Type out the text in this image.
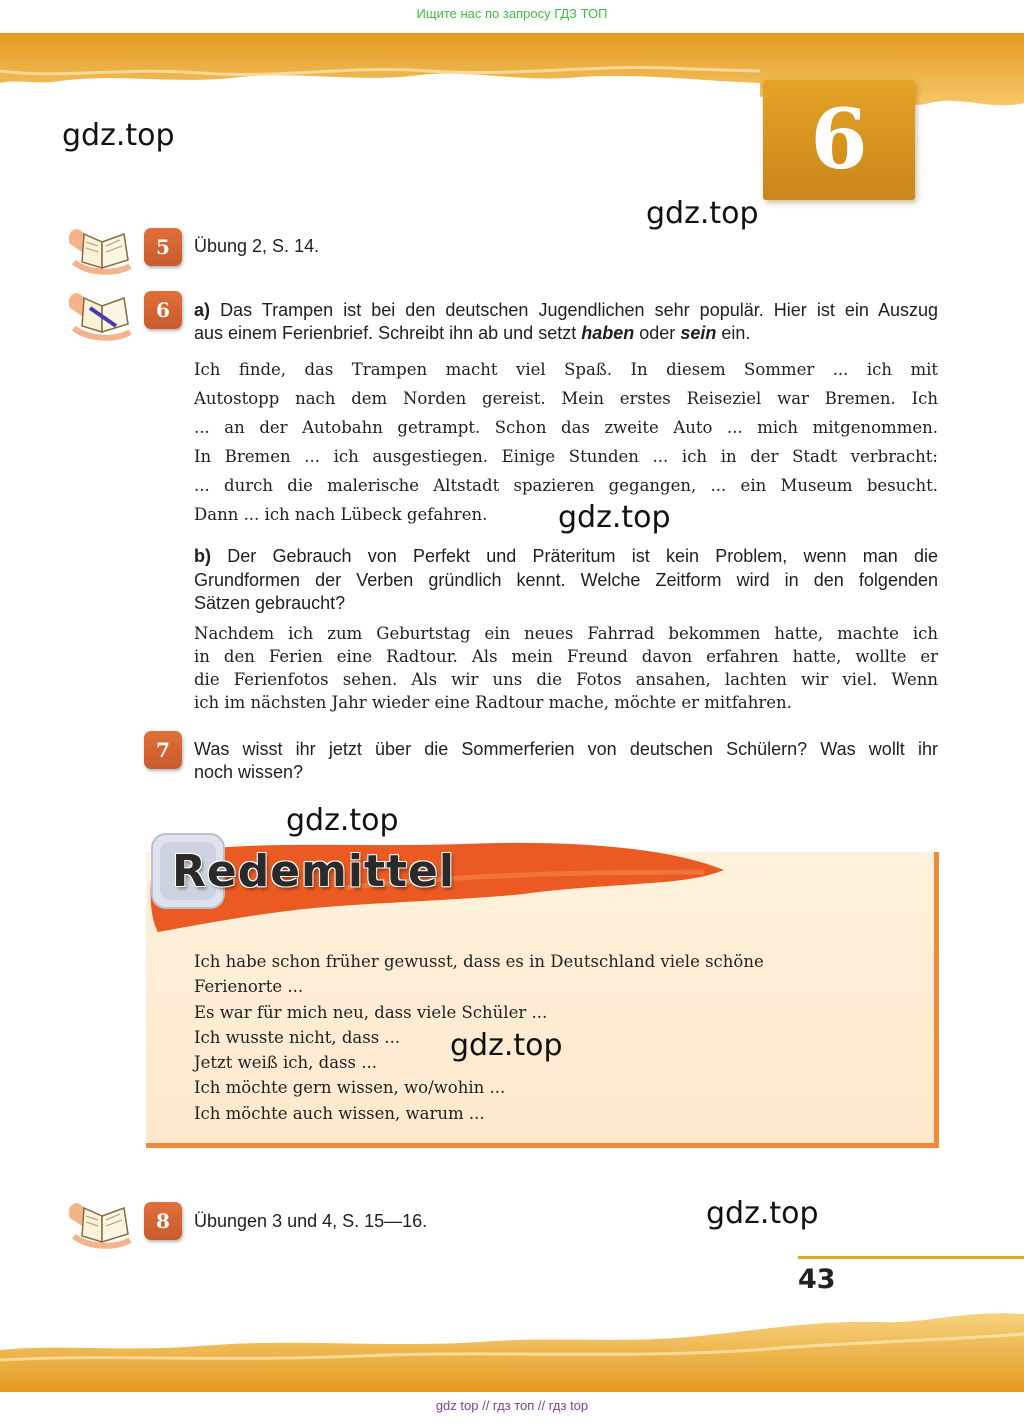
Ищите нас по запросу ГДЗ ТОП
6
gdz.top
gdz.top
5	Übung 2, S. 14.
6	a) Das Trampen ist bei den deutschen Jugendlichen sehr populär. Hier ist ein Auszug
aus einem Ferienbrief. Schreibt ihn ab und setzt haben oder sein ein.
Ich finde, das Trampen macht viel Spaß. In diesem Sommer ... ich mit
Autostopp nach dem Norden gereist. Mein erstes Reiseziel war Bremen. Ich
... an der Autobahn getrampt. Schon das zweite Auto ... mich mitgenommen.
In Bremen ... ich ausgestiegen. Einige Stunden ... ich in der Stadt verbracht:
... durch die malerische Altstadt spazieren gegangen, ... ein Museum besucht.
Dann ... ich nach Lübeck gefahren.	gdz.top
b) Der Gebrauch von Perfekt und Präteritum ist kein Problem, wenn man die
Grundformen der Verben gründlich kennt. Welche Zeitform wird in den folgenden
Sätzen gebraucht?
Nachdem ich zum Geburtstag ein neues Fahrrad bekommen hatte, machte ich
in den Ferien eine Radtour. Als mein Freund davon erfahren hatte, wollte er
die Ferienfotos sehen. Als wir uns die Fotos ansahen, lachten wir viel. Wenn
ich im nächsten Jahr wieder eine Radtour mache, möchte er mitfahren.
7	Was wisst ihr jetzt über die Sommerferien von deutschen Schülern? Was wollt ihr
noch wissen?
gdz.top
Redemittel
Ich habe schon früher gewusst, dass es in Deutschland viele schöne
Ferienorte ...
Es war für mich neu, dass viele Schüler ...
Ich wusste nicht, dass ...
Jetzt weiß ich, dass ...
Ich möchte gern wissen, wo/wohin ...
Ich möchte auch wissen, warum ...
gdz.top
8	Übungen 3 und 4, S. 15—16.	gdz.top
43
gdz top // гдз топ // гдз top
